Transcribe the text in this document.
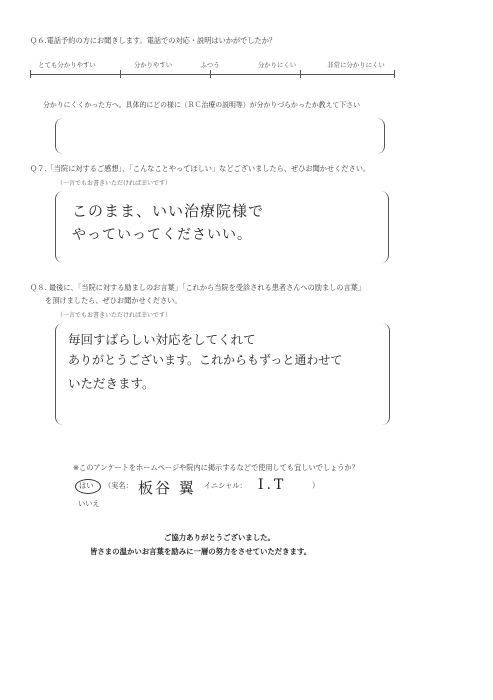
Ｑ６.電話予約の方にお聞きします。電話での対応・説明はいかがでしたか？
とても分かりやすい	分かりやすい	ふつう	分かりにくい	非常に分かりにくい
分かりにくくかった方へ。具体的にどの様に（ＲＣ治療の説明等）が分かりづらかったか教えて下さい
Ｑ７.「当院に対するご感想」、「こんなことやってほしい」などございましたら、ぜひお聞かせください。
（一言でもお書きいただければ幸いです）
このまま、いい治療院様で
やっていってくださいい。
Ｑ８. 最後に、「当院に対する励ましのお言葉」「これから当院を受診される患者さんへの励ましの言葉」
を頂けましたら、ぜひお聞かせください。
（一言でもお書きいただければ幸いです）
毎回すばらしい対応をしてくれて
ありがとうございます。これからもずっと通わせて
いただきます。
※このアンケートをホームページや院内に掲示するなどで使用しても宜しいでしょうか？
はい
いいえ
（実名： 板谷 翼 イニシャル： I.T	）
ご協力ありがとうございました。
皆さまの温かいお言葉を励みに一層の努力をさせていただきます。
